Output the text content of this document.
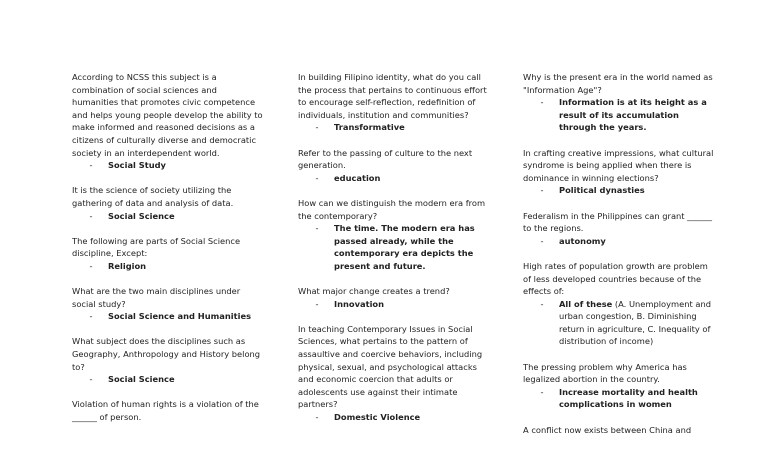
According to NCSS this subject is a combination of social sciences and humanities that promotes civic competence and helps young people develop the ability to make informed and reasoned decisions as a citizens of culturally diverse and democratic society in an interdependent world.

-	Social Study

It is the science of society utilizing the gathering of data and analysis of data.

-	Social Science

The following are parts of Social Science discipline, Except:

-	Religion

What are the two main disciplines under social study?

-	Social Science and Humanities

What subject does the disciplines such as Geography, Anthropology and History belong to?

-	Social Science

Violation of human rights is a violation of the ______ of person.

In building Filipino identity, what do you call the process that pertains to continuous effort to encourage self-reflection, redefinition of individuals, institution and communities?

-	Transformative

Refer to the passing of culture to the next generation.

-	education

How can we distinguish the modern era from the contemporary?

-	The time. The modern era has passed already, while the contemporary era depicts the present and future.

What major change creates a trend?

-	Innovation

In teaching Contemporary Issues in Social Sciences, what pertains to the pattern of assaultive and coercive behaviors, including physical, sexual, and psychological attacks and economic coercion that adults or adolescents use against their intimate partners?

-	Domestic Violence

Why is the present era in the world named as "Information Age"?

-	Information is at its height as a result of its accumulation through the years.

In crafting creative impressions, what cultural syndrome is being applied when there is dominance in winning elections?

-	Political dynasties

Federalism in the Philippines can grant ______ to the regions.

-	autonomy

High rates of population growth are problem of less developed countries because of the effects of:

-	All of these (A. Unemployment and urban congestion, B. Diminishing return in agriculture, C. Inequality of distribution of income)

The pressing problem why America has legalized abortion in the country.

-	Increase mortality and health complications in women

A conflict now exists between China and
